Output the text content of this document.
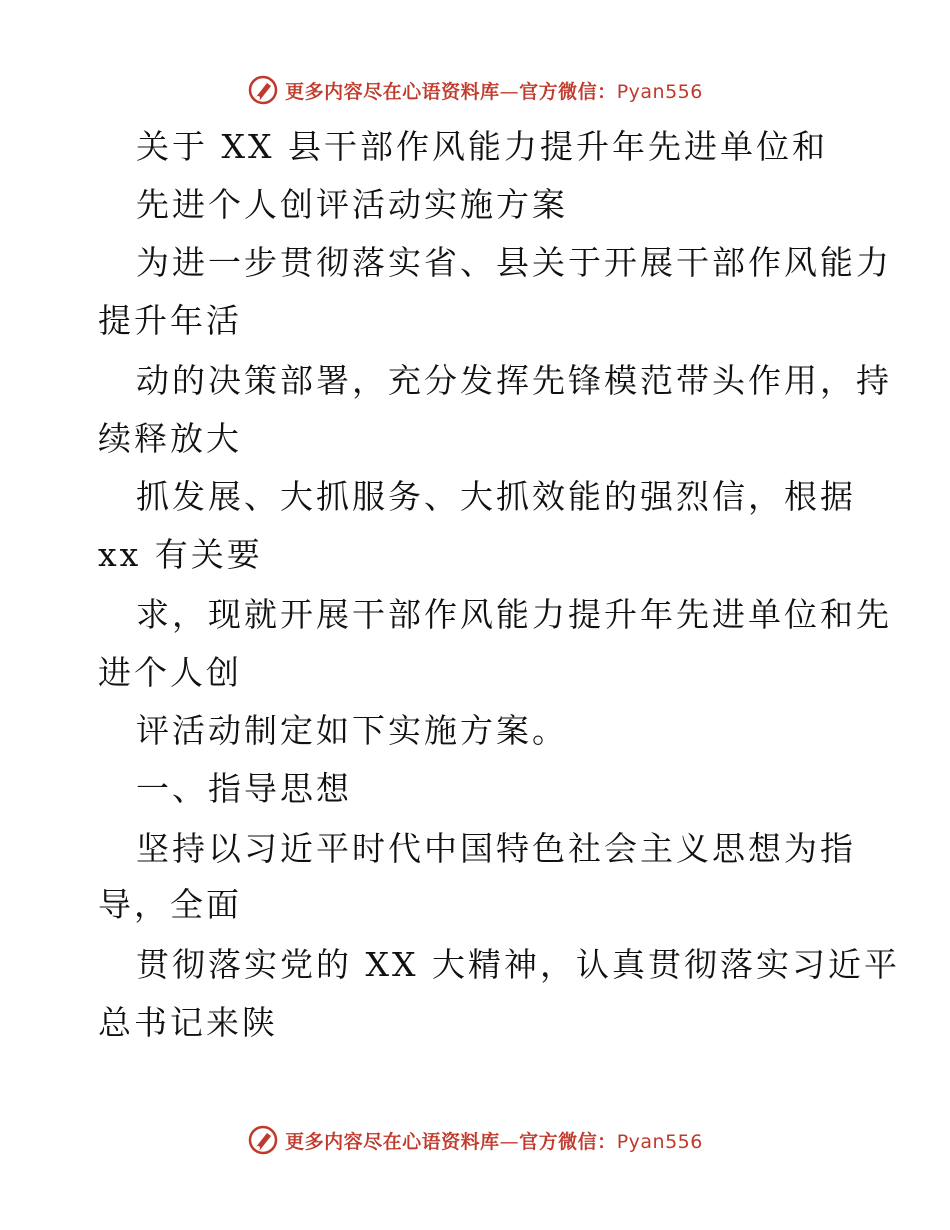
更多内容尽在心语资料库—官方微信：Pyan556
关于 XX 县干部作风能力提升年先进单位和
先进个人创评活动实施方案
为进一步贯彻落实省、县关于开展干部作风能力
提升年活
动的决策部署，充分发挥先锋模范带头作用，持
续释放大
抓发展、大抓服务、大抓效能的强烈信，根据
xx 有关要
求，现就开展干部作风能力提升年先进单位和先
进个人创
评活动制定如下实施方案。
一、指导思想
坚持以习近平时代中国特色社会主义思想为指
导，全面
贯彻落实党的 XX 大精神，认真贯彻落实习近平
总书记来陕
更多内容尽在心语资料库—官方微信：Pyan556
